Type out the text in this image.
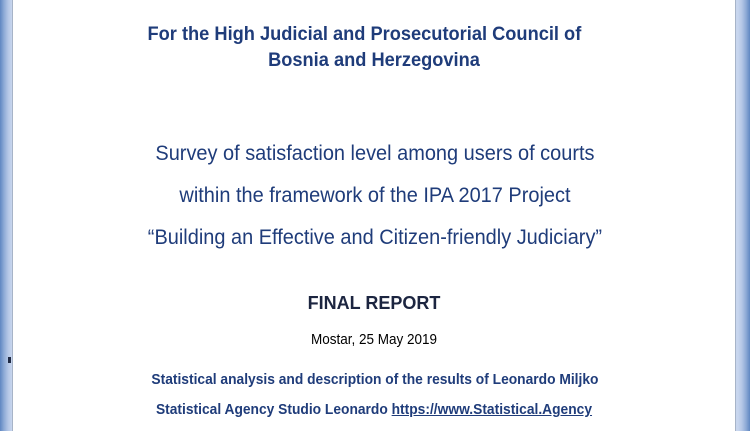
For the High Judicial and Prosecutorial Council of
Bosnia and Herzegovina
Survey of satisfaction level among users of courts
within the framework of the IPA 2017 Project
“Building an Effective and Citizen-friendly Judiciary”
FINAL REPORT
Mostar, 25 May 2019
Statistical analysis and description of the results of Leonardo Miljko
Statistical Agency Studio Leonardo https://www.Statistical.Agency
